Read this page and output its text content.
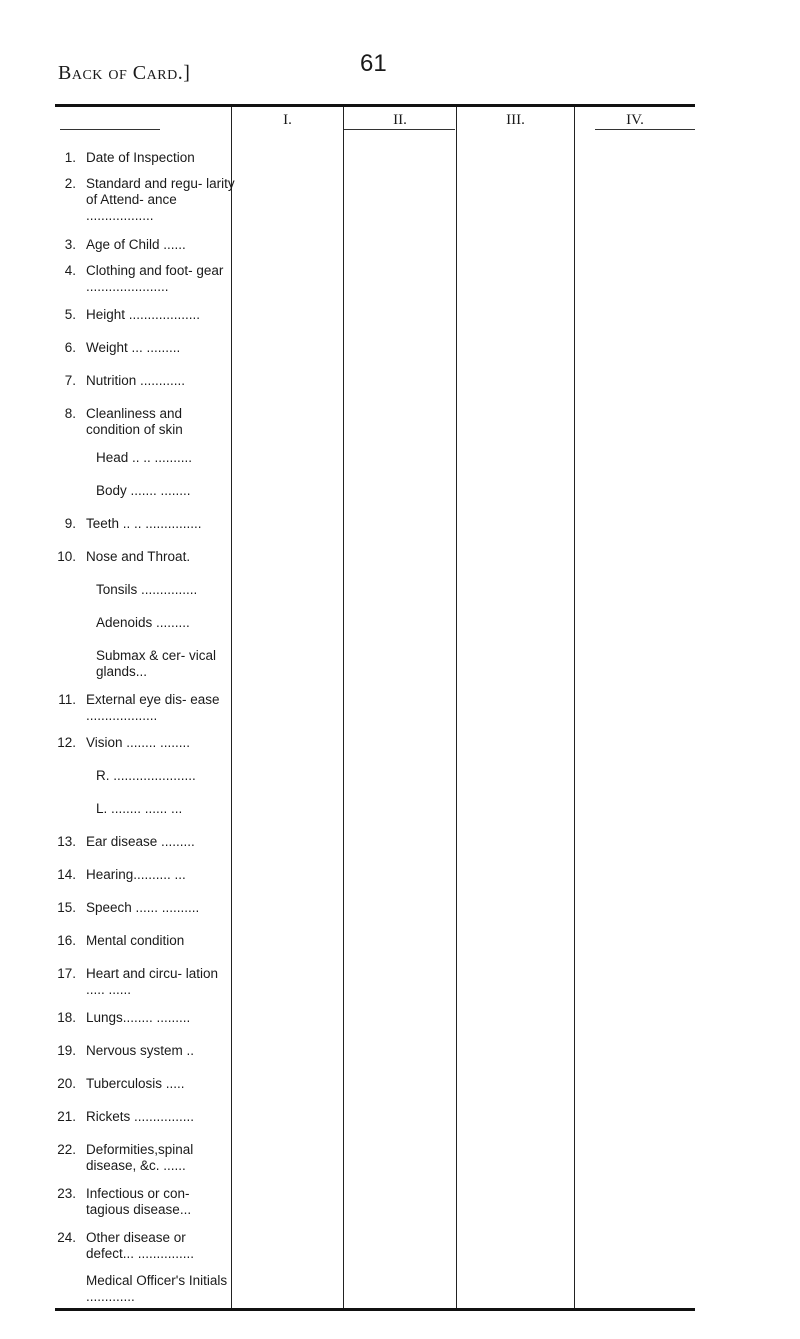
Back of Card.]	61
I.	II.	III.	IV.
1. Date of Inspection
2. Standard and regu- larity of Attend- ance ..................
3. Age of Child ......
4. Clothing and foot- gear ......................
5. Height ...................
6. Weight ... .........
7. Nutrition ............
8. Cleanliness and condition of skin
Head .. .. ..........
Body ....... ........
9. Teeth .. .. ...............
10. Nose and Throat.
Tonsils ...............
Adenoids .........
Submax & cer- vical glands...
11. External eye dis- ease ...................
12. Vision ........ ........
R. ......................
L. ........ ...... ...
13. Ear disease .........
14. Hearing.......... ...
15. Speech ...... ..........
16. Mental condition
17. Heart and circu- lation ..... ......
18. Lungs........ .........
19. Nervous system ..
20. Tuberculosis .....
21. Rickets ................
22. Deformities,spinal disease, &c. ......
23. Infectious or con- tagious disease...
24. Other disease or defect... ...............
Medical Officer's Initials .............
